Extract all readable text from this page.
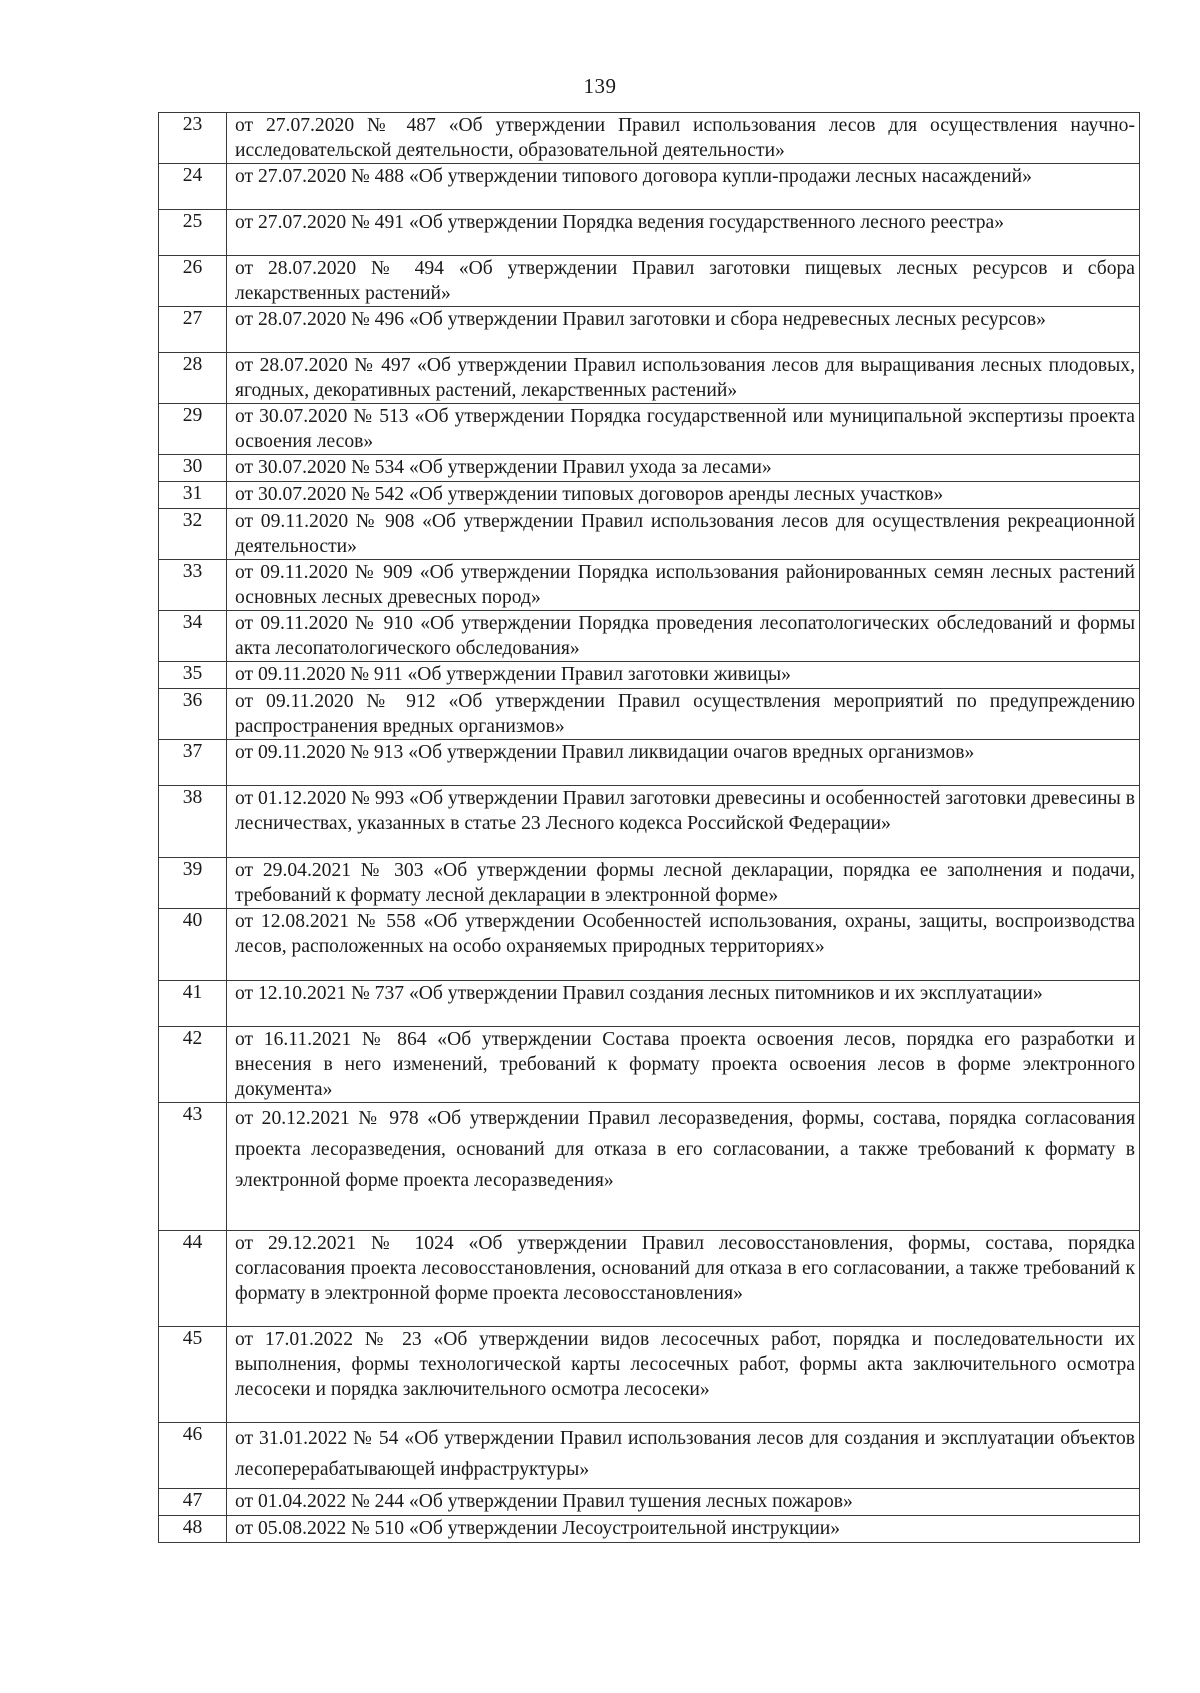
139
23	от 27.07.2020 № 487 «Об утверждении Правил использования лесов для осуществления научно-исследовательской деятельности, образовательной деятельности»
24	от 27.07.2020 № 488 «Об утверждении типового договора купли-продажи лесных насаждений»
25	от 27.07.2020 № 491 «Об утверждении Порядка ведения государственного лесного реестра»
26	от 28.07.2020 № 494 «Об утверждении Правил заготовки пищевых лесных ресурсов и сбора лекарственных растений»
27	от 28.07.2020 № 496 «Об утверждении Правил заготовки и сбора недревесных лесных ресурсов»
28	от 28.07.2020 № 497 «Об утверждении Правил использования лесов для выращивания лесных плодовых, ягодных, декоративных растений, лекарственных растений»
29	от 30.07.2020 № 513 «Об утверждении Порядка государственной или муниципальной экспертизы проекта освоения лесов»
30	от 30.07.2020 № 534 «Об утверждении Правил ухода за лесами»
31	от 30.07.2020 № 542 «Об утверждении типовых договоров аренды лесных участков»
32	от 09.11.2020 № 908 «Об утверждении Правил использования лесов для осуществления рекреационной деятельности»
33	от 09.11.2020 № 909 «Об утверждении Порядка использования районированных семян лесных растений основных лесных древесных пород»
34	от 09.11.2020 № 910 «Об утверждении Порядка проведения лесопатологических обследований и формы акта лесопатологического обследования»
35	от 09.11.2020 № 911 «Об утверждении Правил заготовки живицы»
36	от 09.11.2020 № 912 «Об утверждении Правил осуществления мероприятий по предупреждению распространения вредных организмов»
37	от 09.11.2020 № 913 «Об утверждении Правил ликвидации очагов вредных организмов»
38	от 01.12.2020 № 993 «Об утверждении Правил заготовки древесины и особенностей заготовки древесины в лесничествах, указанных в статье 23 Лесного кодекса Российской Федерации»
39	от 29.04.2021 № 303 «Об утверждении формы лесной декларации, порядка ее заполнения и подачи, требований к формату лесной декларации в электронной форме»
40	от 12.08.2021 № 558 «Об утверждении Особенностей использования, охраны, защиты, воспроизводства лесов, расположенных на особо охраняемых природных территориях»
41	от 12.10.2021 № 737 «Об утверждении Правил создания лесных питомников и их эксплуатации»
42	от 16.11.2021 № 864 «Об утверждении Состава проекта освоения лесов, порядка его разработки и внесения в него изменений, требований к формату проекта освоения лесов в форме электронного документа»
43	от 20.12.2021 № 978 «Об утверждении Правил лесоразведения, формы, состава, порядка согласования проекта лесоразведения, оснований для отказа в его согласовании, а также требований к формату в электронной форме проекта лесоразведения»
44	от 29.12.2021 № 1024 «Об утверждении Правил лесовосстановления, формы, состава, порядка согласования проекта лесовосстановления, оснований для отказа в его согласовании, а также требований к формату в электронной форме проекта лесовосстановления»
45	от 17.01.2022 № 23 «Об утверждении видов лесосечных работ, порядка и последовательности их выполнения, формы технологической карты лесосечных работ, формы акта заключительного осмотра лесосеки и порядка заключительного осмотра лесосеки»
46	от 31.01.2022 № 54 «Об утверждении Правил использования лесов для создания и эксплуатации объектов лесоперерабатывающей инфраструктуры»
47	от 01.04.2022 № 244 «Об утверждении Правил тушения лесных пожаров»
48	от 05.08.2022 № 510 «Об утверждении Лесоустроительной инструкции»
